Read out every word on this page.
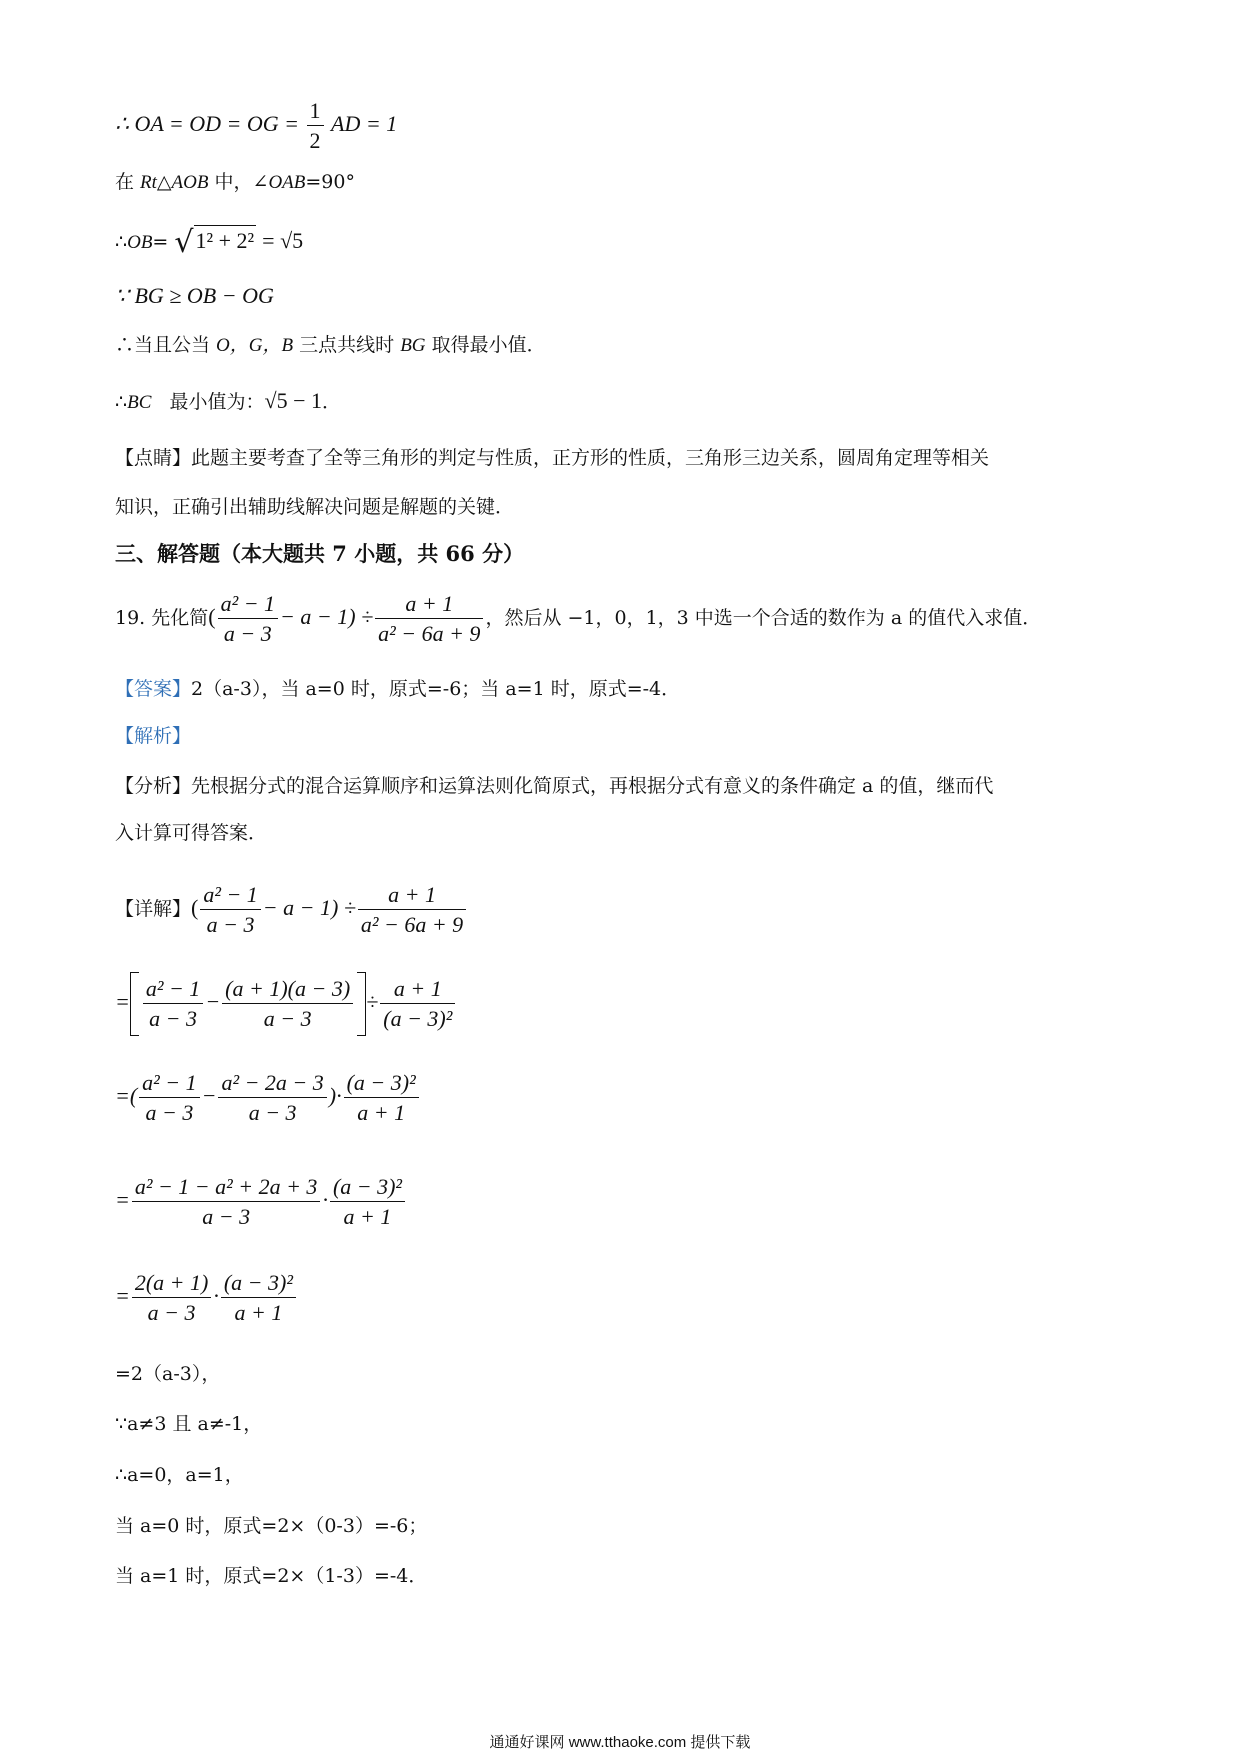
∴ OA = OD = OG = $\frac{1}{2}$ AD = 1
在 Rt△AOB 中，∠OAB=90°
∴OB= √1² + 2² = √5
∵ BG ≥ OB − OG
∴当且公当 O，G，B 三点共线时 BG 取得最小值．
∴BC   最小值为：√5 − 1．
【点睛】此题主要考查了全等三角形的判定与性质，正方形的性质，三角形三边关系，圆周角定理等相关
知识，正确引出辅助线解决问题是解题的关键．
三、解答题（本大题共 7 小题，共 66 分）
19. 先化简( $\frac{\text{a² − 1}}{a - 3} - a - 1) \div \frac{a + 1}{\text{a² − 6a + 9}}$ ，然后从 −1，0，1，3 中选一个合适的数作为 a 的值代入求值．
【答案】2（a-3），当 a=0 时，原式=-6；当 a=1 时，原式=-4．
【解析】
【分析】先根据分式的混合运算顺序和运算法则化简原式，再根据分式有意义的条件确定 a 的值，继而代
入计算可得答案．
【详解】( $\frac{\text{a² − 1}}{a - 3} - a - 1) \div \frac{a + 1}{\text{a² − 6a + 9}}$
= $\frac{\text{a² − 1}}{a - 3} - \frac{(a + 1)(a - 3)}{a - 3} \div \frac{a + 1}{\text{(a − 3)²}}$
=( $\frac{\text{a² − 1}}{a - 3} - \frac{\text{a² − 2a − 3}}{a - 3}$ )· $\frac{\text{(a − 3)²}}{a + 1}$
= $\frac{\text{a² − 1 − a² + 2a + 3}}{a - 3} \cdot \frac{\text{(a − 3)²}}{a + 1}$
= $\frac{2(a + 1)}{a - 3} \cdot \frac{\text{(a − 3)²}}{a + 1}$
=2（a-3），
∵a≠3 且 a≠-1，
∴a=0，a=1，
当 a=0 时，原式=2×（0-3）=-6；
当 a=1 时，原式=2×（1-3）=-4．
通通好课网 www.tthaoke.com 提供下载
